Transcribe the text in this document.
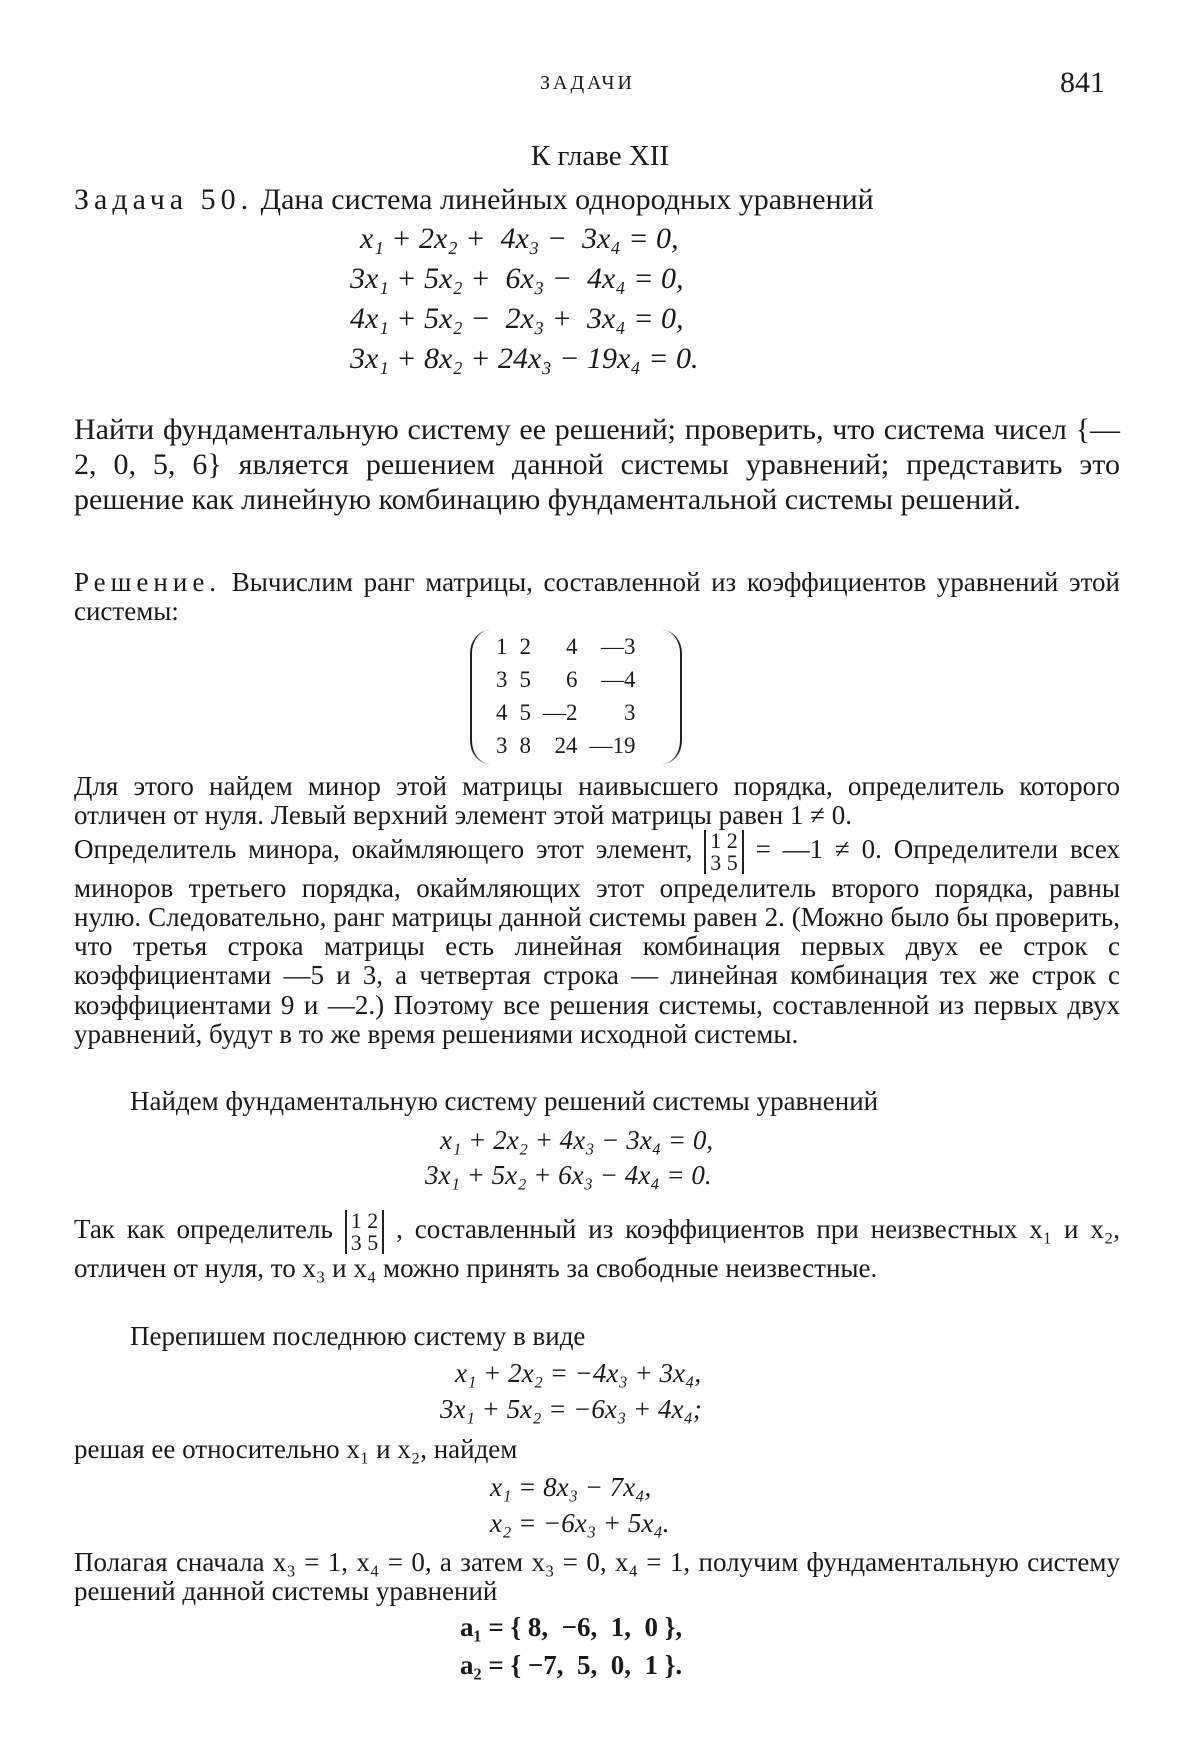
ЗАДАЧИ	841
К главе XII
Задача 50. Дана система линейных однородных уравнений
x₁ + 2x₂ +  4x₃ −  3x₄ = 0,
3x₁ + 5x₂ +  6x₃ −  4x₄ = 0,
4x₁ + 5x₂ −  2x₃ +  3x₄ = 0,
3x₁ + 8x₂ + 24x₃ − 19x₄ = 0.
Найти фундаментальную систему ее решений; проверить, что система чисел {—2, 0, 5, 6} является решением данной системы уравнений; представить это решение как линейную комбинацию фундаментальной системы решений.
Решение. Вычислим ранг матрицы, составленной из коэффициентов уравнений этой системы:
1	2	4	—3
3	5	6	—4
4	5	—2	3
3	8	24	—19
Для этого найдем минор этой матрицы наивысшего порядка, определитель которого отличен от нуля. Левый верхний элемент этой матрицы равен 1 ≠ 0.
Определитель минора, окаймляющего этот элемент, 1 2
3 5 = —1 ≠ 0. Определители всех миноров третьего порядка, окаймляющих этот определитель второго порядка, равны нулю. Следовательно, ранг матрицы данной системы равен 2. (Можно было бы проверить, что третья строка матрицы есть линейная комбинация первых двух ее строк с коэффициентами —5 и 3, а четвертая строка — линейная комбинация тех же строк с коэффициентами 9 и —2.) Поэтому все решения системы, составленной из первых двух уравнений, будут в то же время решениями исходной системы.
Найдем фундаментальную систему решений системы уравнений
x₁ + 2x₂ + 4x₃ − 3x₄ = 0,
3x₁ + 5x₂ + 6x₃ − 4x₄ = 0.
Так как определитель 1 2
3 5 , составленный из коэффициентов при неизвестных x₁ и x₂, отличен от нуля, то x₃ и x₄ можно принять за свободные неизвестные.
Перепишем последнюю систему в виде
x₁ + 2x₂ = −4x₃ + 3x₄,
3x₁ + 5x₂ = −6x₃ + 4x₄;
решая ее относительно x₁ и x₂, найдем
x₁ = 8x₃ − 7x₄,
x₂ = −6x₃ + 5x₄.
Полагая сначала x₃ = 1, x₄ = 0, а затем x₃ = 0, x₄ = 1, получим фундаментальную систему решений данной системы уравнений
a₁ = { 8,  −6,  1,  0 },
a₂ = { −7,  5,  0,  1 }.
